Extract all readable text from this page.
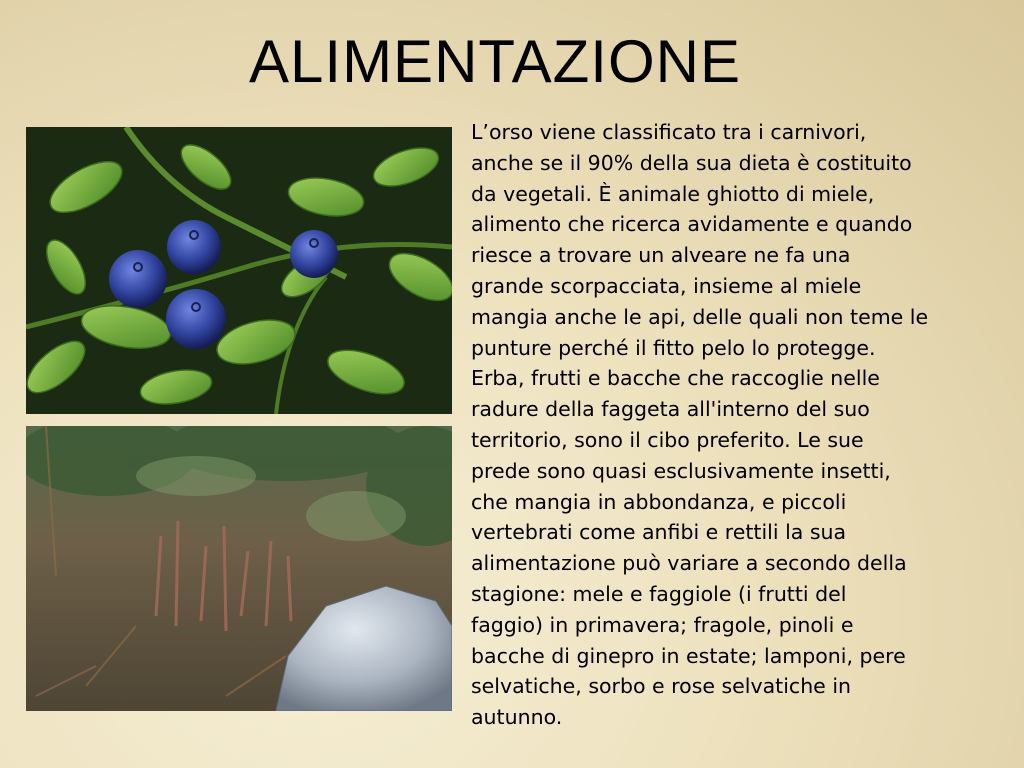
ALIMENTAZIONE

L’orso viene classificato tra i carnivori,
anche se il 90% della sua dieta è costituito
da vegetali. È animale ghiotto di miele,
alimento che ricerca avidamente e quando
riesce a trovare un alveare ne fa una
grande scorpacciata, insieme al miele
mangia anche le api, delle quali non teme le
punture perché il fitto pelo lo protegge.
Erba, frutti e bacche che raccoglie nelle
radure della faggeta all'interno del suo
territorio, sono il cibo preferito. Le sue
prede sono quasi esclusivamente insetti,
che mangia in abbondanza, e piccoli
vertebrati come anfibi e rettili la sua
alimentazione può variare a secondo della
stagione: mele e faggiole (i frutti del
faggio) in primavera; fragole, pinoli e
bacche di ginepro in estate; lamponi, pere
selvatiche, sorbo e rose selvatiche in
autunno.
